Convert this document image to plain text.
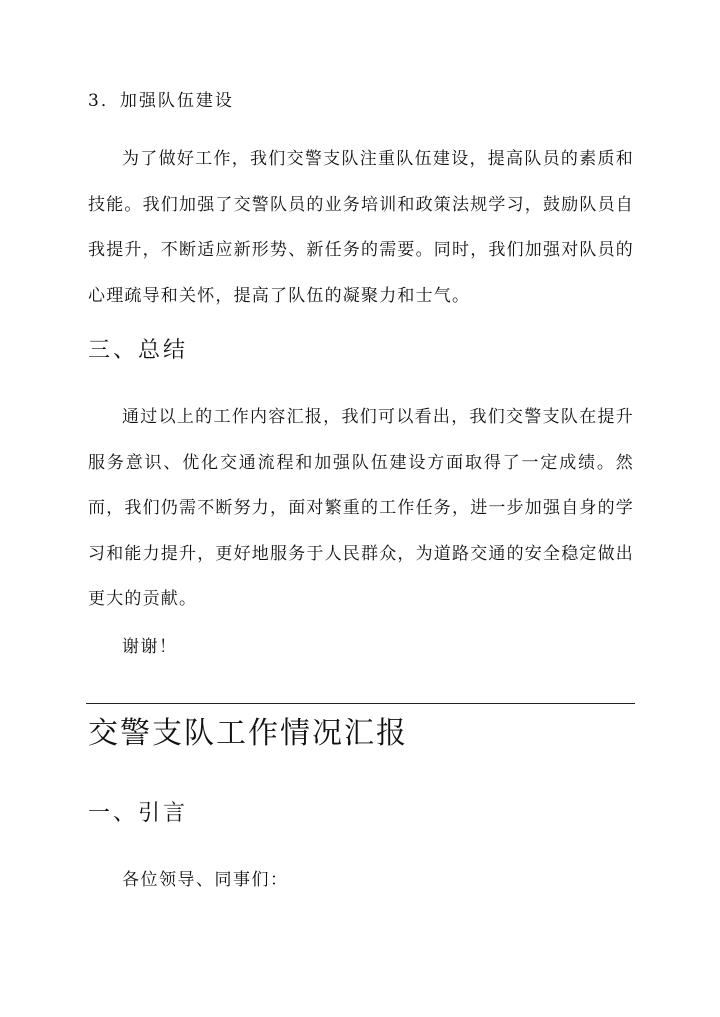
3．加强队伍建设

为了做好工作，我们交警支队注重队伍建设，提高队员的素质和技能。我们加强了交警队员的业务培训和政策法规学习，鼓励队员自我提升，不断适应新形势、新任务的需要。同时，我们加强对队员的心理疏导和关怀，提高了队伍的凝聚力和士气。

三、总结

通过以上的工作内容汇报，我们可以看出，我们交警支队在提升服务意识、优化交通流程和加强队伍建设方面取得了一定成绩。然而，我们仍需不断努力，面对繁重的工作任务，进一步加强自身的学习和能力提升，更好地服务于人民群众，为道路交通的安全稳定做出更大的贡献。

谢谢！

交警支队工作情况汇报
一、引言

各位领导、同事们：
